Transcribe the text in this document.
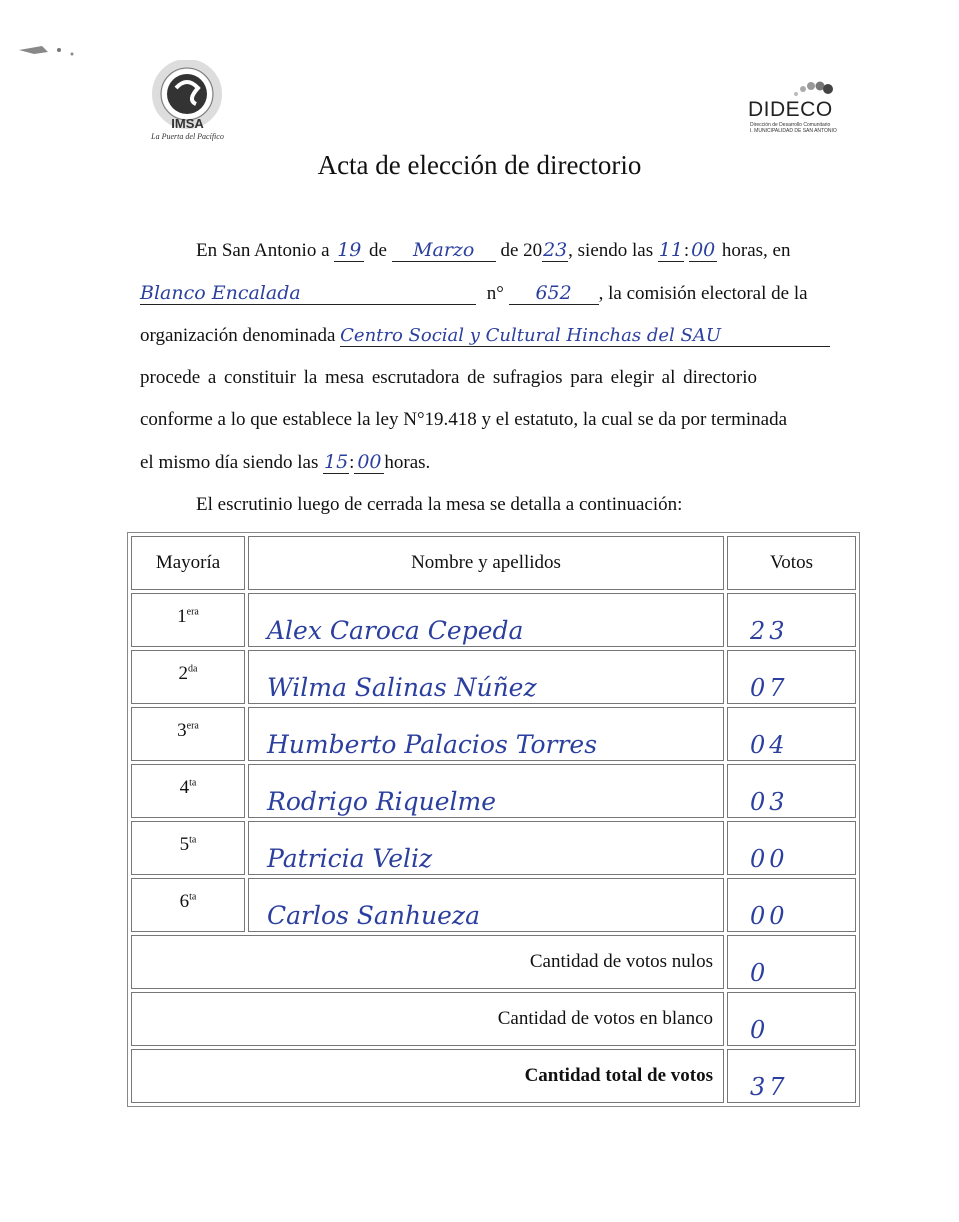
IMSA
La Puerta del Pacífico
DIDECO
Dirección de Desarrollo Comunitario
I. MUNICIPALIDAD DE SAN ANTONIO
Acta de elección de directorio
En San Antonio a 19 de Marzo de 2023, siendo las 11: 00 horas, en
Blanco Encalada	n° 652 , la comisión electoral de la
organización denominada Centro Social y Cultural Hinchas del SAU
procede a constituir la mesa escrutadora de sufragios para elegir al directorio
conforme a lo que establece la ley N°19.418 y el estatuto, la cual se da por terminada
el mismo día siendo las 15: 00 horas.
El escrutinio luego de cerrada la mesa se detalla a continuación:
Mayoría	Nombre y apellidos	Votos
$1^{era}$	Alex Caroca Cepeda	23
$2^{da}$	Wilma Salinas Núñez	07
$3^{era}$	Humberto Palacios Torres	04
$4^{ta}$	Rodrigo Riquelme	03
$5^{ta}$	Patricia Veliz	00
$6^{ta}$	Carlos Sanhueza	00
Cantidad de votos nulos		0
Cantidad de votos en blanco		0
Cantidad total de votos		37
